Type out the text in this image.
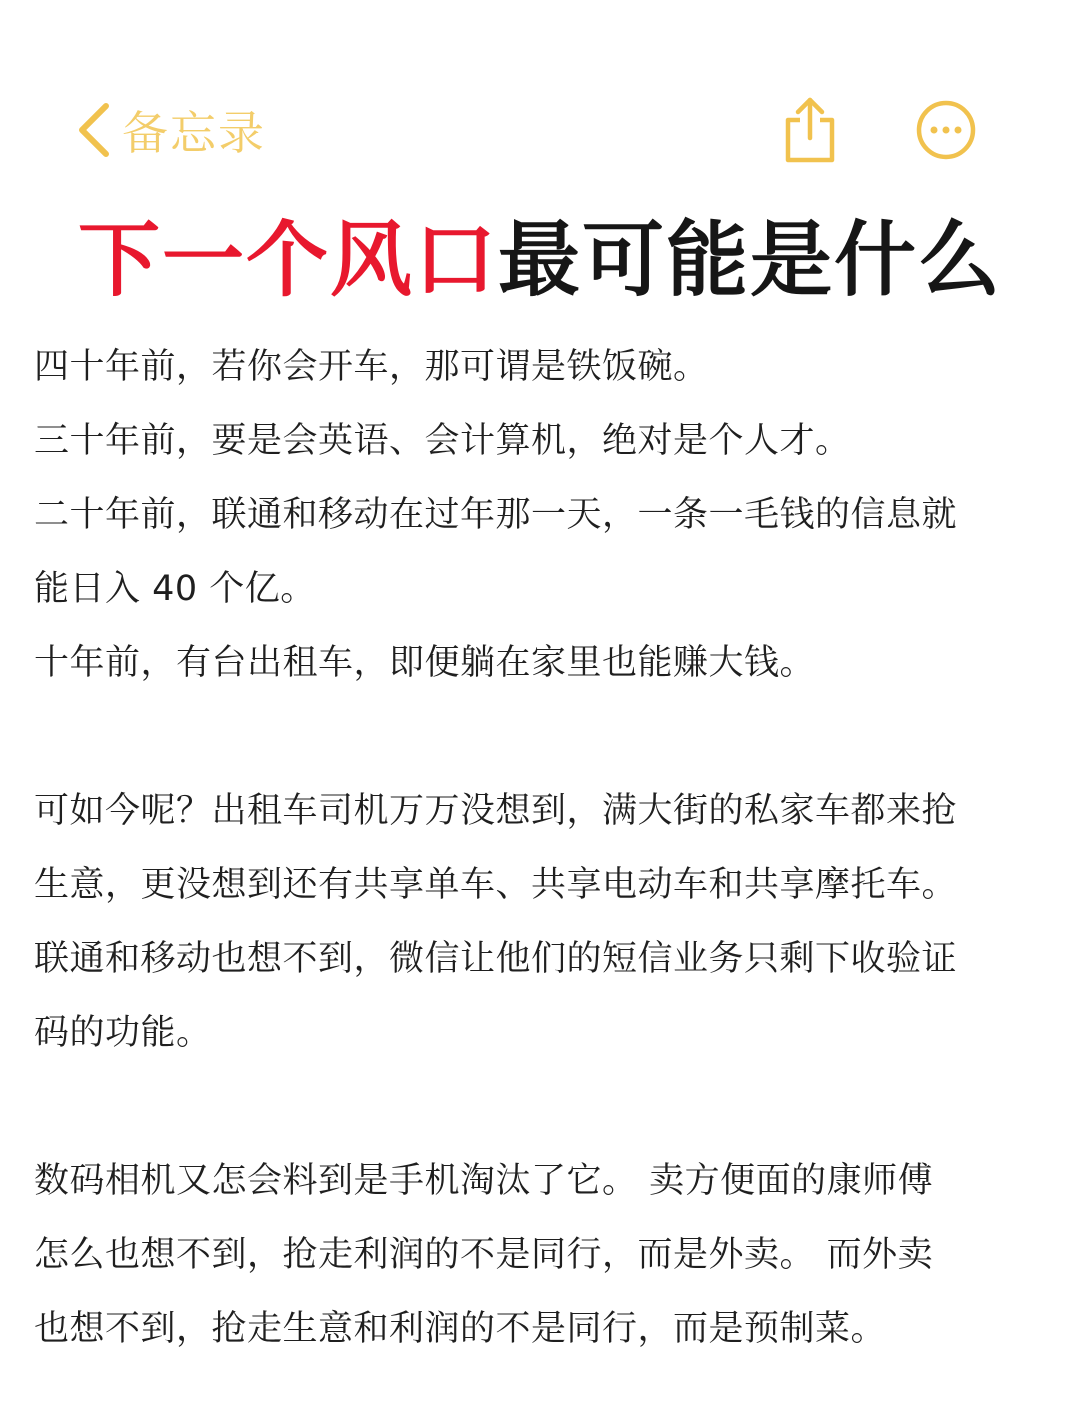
备忘录
下一个风口最可能是什么
四十年前，若你会开车，那可谓是铁饭碗。
三十年前，要是会英语、会计算机，绝对是个人才。
二十年前，联通和移动在过年那一天，一条一毛钱的信息就
能日入 40 个亿。
十年前，有台出租车，即便躺在家里也能赚大钱。
可如今呢？出租车司机万万没想到，满大街的私家车都来抢
生意，更没想到还有共享单车、共享电动车和共享摩托车。
联通和移动也想不到，微信让他们的短信业务只剩下收验证
码的功能。
数码相机又怎会料到是手机淘汰了它。 卖方便面的康师傅
怎么也想不到，抢走利润的不是同行，而是外卖。 而外卖
也想不到，抢走生意和利润的不是同行，而是预制菜。
